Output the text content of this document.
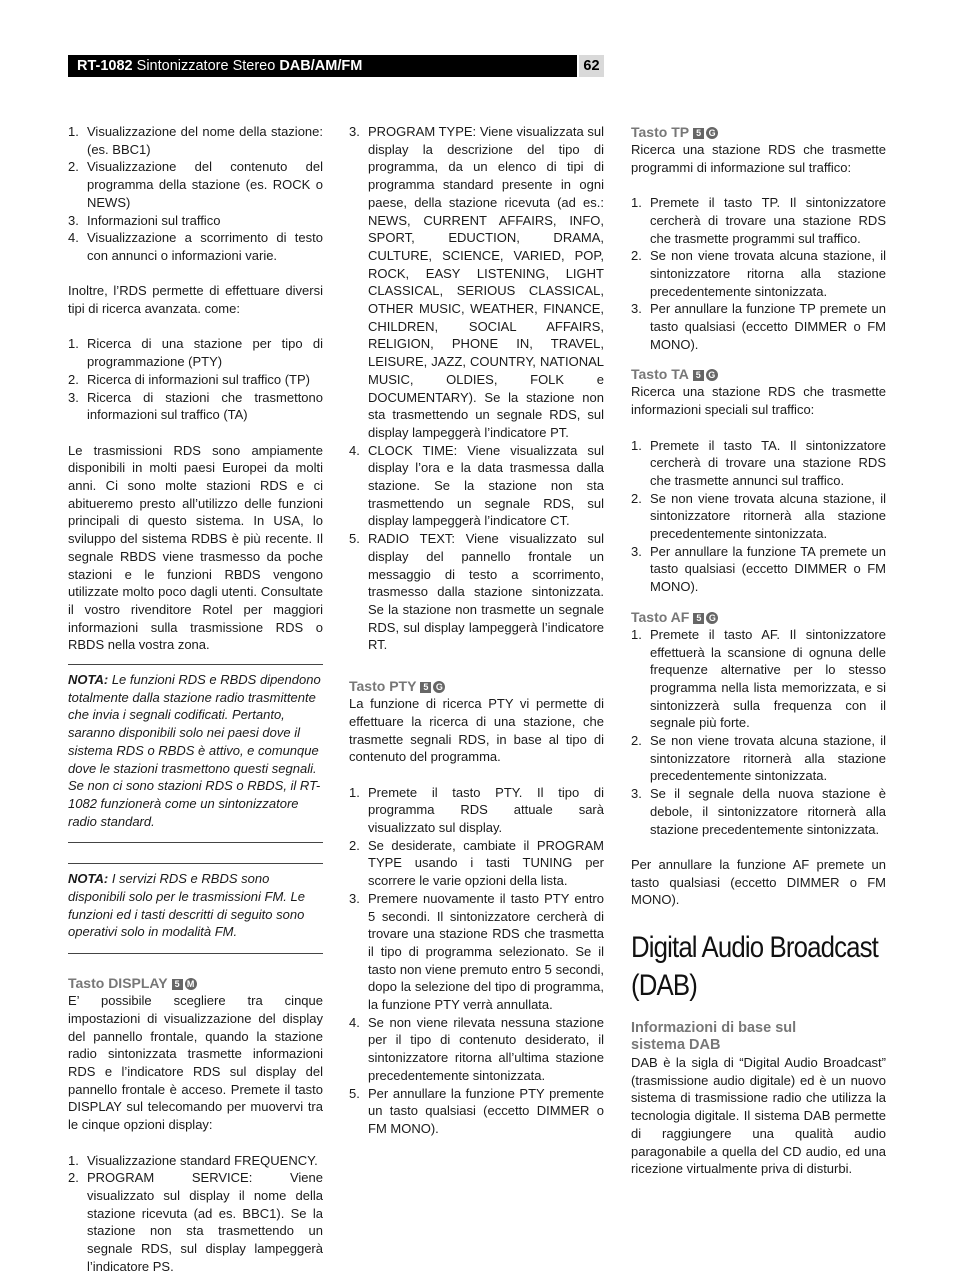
RT-1082 Sintonizzatore Stereo DAB/AM/FM	62
1. Visualizzazione del nome della stazione: (es. BBC1)
2. Visualizzazione del contenuto del programma della stazione (es. ROCK o NEWS)
3. Informazioni sul traffico
4. Visualizzazione a scorrimento di testo con annunci o informazioni varie.

Inoltre, l’RDS permette di effettuare diversi tipi di ricerca avanzata. come:

1. Ricerca di una stazione per tipo di programmazione (PTY)
2. Ricerca di informazioni sul traffico (TP)
3. Ricerca di stazioni che trasmettono informazioni sul traffico (TA)

Le trasmissioni RDS sono ampiamente disponibili in molti paesi Europei da molti anni. Ci sono molte stazioni RDS e ci abitueremo presto all’utilizzo delle funzioni principali di questo sistema. In USA, lo sviluppo del sistema RDBS è più recente. Il segnale RBDS viene trasmesso da poche stazioni e le funzioni RBDS vengono utilizzate molto poco dagli utenti. Consultate il vostro rivenditore Rotel per maggiori informazioni sulla trasmissione RDS o RBDS nella vostra zona.

NOTA: Le funzioni RDS e RBDS dipendono totalmente dalla stazione radio trasmittente che invia i segnali codificati. Pertanto, saranno disponibili solo nei paesi dove il sistema RDS o RBDS è attivo, e comunque dove le stazioni trasmettono questi segnali. Se non ci sono stazioni RDS o RBDS, il RT-1082 funzionerà come un sintonizzatore radio standard.
NOTA: I servizi RDS e RBDS sono disponibili solo per le trasmissioni FM. Le funzioni ed i tasti descritti di seguito sono operativi solo in modalità FM.
Tasto DISPLAY 5 M

E’ possibile scegliere tra cinque impostazioni di visualizzazione del display del pannello frontale, quando la stazione radio sintonizzata trasmette informazioni RDS e l’indicatore RDS sul display del pannello frontale è acceso. Premete il tasto DISPLAY sul telecomando per muovervi tra le cinque opzioni display:

1. Visualizzazione standard FREQUENCY.
2. PROGRAM SERVICE: Viene visualizzato sul display il nome della stazione ricevuta (ad es. BBC1). Se la stazione non sta trasmettendo un segnale RDS, sul display lampeggerà l’indicatore PS.
3. PROGRAM TYPE: Viene visualizzata sul display la descrizione del tipo di programma, da un elenco di tipi di programma standard presente in ogni paese, della stazione ricevuta (ad es.: NEWS, CURRENT AFFAIRS, INFO, SPORT, EDUCTION, DRAMA, CULTURE, SCIENCE, VARIED, POP, ROCK, EASY LISTENING, LIGHT CLASSICAL, SERIOUS CLASSICAL, OTHER MUSIC, WEATHER, FINANCE, CHILDREN, SOCIAL AFFAIRS, RELIGION, PHONE IN, TRAVEL, LEISURE, JAZZ, COUNTRY, NATIONAL MUSIC, OLDIES, FOLK e DOCUMENTARY). Se la stazione non sta trasmettendo un segnale RDS, sul display lampeggerà l’indicatore PT.
4. CLOCK TIME: Viene visualizzata sul display l’ora e la data trasmessa dalla stazione. Se la stazione non sta trasmettendo un segnale RDS, sul display lampeggerà l’indicatore CT.
5. RADIO TEXT: Viene visualizzato sul display del pannello frontale un messaggio di testo a scorrimento, trasmesso dalla stazione sintonizzata. Se la stazione non trasmette un segnale RDS, sul display lampeggerà l’indicatore RT.
Tasto PTY 5 G

La funzione di ricerca PTY vi permette di effettuare la ricerca di una stazione, che trasmette segnali RDS, in base al tipo di contenuto del programma.

1. Premete il tasto PTY. Il tipo di programma RDS attuale sarà visualizzato sul display.
2. Se desiderate, cambiate il PROGRAM TYPE usando i tasti TUNING per scorrere le varie opzioni della lista.
3. Premere nuovamente il tasto PTY entro 5 secondi. Il sintonizzatore cercherà di trovare una stazione RDS che trasmetta il tipo di programma selezionato. Se il tasto non viene premuto entro 5 secondi, dopo la selezione del tipo di programma, la funzione PTY verrà annullata.
4. Se non viene rilevata nessuna stazione per il tipo di contenuto desiderato, il sintonizzatore ritorna all’ultima stazione precedentemente sintonizzata.
5. Per annullare la funzione PTY premente un tasto qualsiasi (eccetto DIMMER o FM MONO).
Tasto TP 5 G

Ricerca una stazione RDS che trasmette programmi di informazione sul traffico:

1. Premete il tasto TP. Il sintonizzatore cercherà di trovare una stazione RDS che trasmette programmi sul traffico.
2. Se non viene trovata alcuna stazione, il sintonizzatore ritorna alla stazione precedentemente sintonizzata.
3. Per annullare la funzione TP premete un tasto qualsiasi (eccetto DIMMER o FM MONO).
Tasto TA 5 G

Ricerca una stazione RDS che trasmette informazioni speciali sul traffico:

1. Premete il tasto TA. Il sintonizzatore cercherà di trovare una stazione RDS che trasmette annunci sul traffico.
2. Se non viene trovata alcuna stazione, il sintonizzatore ritornerà alla stazione precedentemente sintonizzata.
3. Per annullare la funzione TA premete un tasto qualsiasi (eccetto DIMMER o FM MONO).
Tasto AF 5 G
1. Premete il tasto AF. Il sintonizzatore effettuerà la scansione di ognuna delle frequenze alternative per lo stesso programma nella lista memorizzata, e si sintonizzerà sulla frequenza con il segnale più forte.
2. Se non viene trovata alcuna stazione, il sintonizzatore ritornerà alla stazione precedentemente sintonizzata.
3. Se il segnale della nuova stazione è debole, il sintonizzatore ritornerà alla stazione precedentemente sintonizzata.

Per annullare la funzione AF premete un tasto qualsiasi (eccetto DIMMER o FM MONO).

Digital Audio Broadcast
(DAB)
Informazioni di base sul
sistema DAB

DAB è la sigla di “Digital Audio Broadcast” (trasmissione audio digitale) ed è un nuovo sistema di trasmissione radio che utilizza la tecnologia digitale. Il sistema DAB permette di raggiungere una qualità audio paragonabile a quella del CD audio, ed una ricezione virtualmente priva di disturbi.
